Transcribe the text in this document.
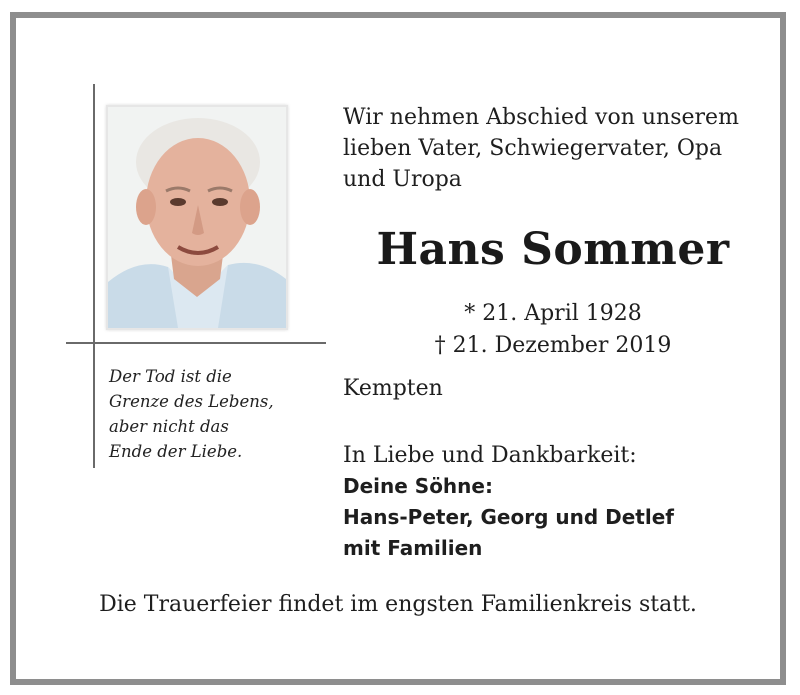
Der Tod ist die
Grenze des Lebens,
aber nicht das
Ende der Liebe.
Wir nehmen Abschied von unserem
lieben Vater, Schwiegervater, Opa
und Uropa
Hans Sommer
* 21. April 1928
† 21. Dezember 2019
Kempten
In Liebe und Dankbarkeit:
Deine Söhne:
Hans-Peter, Georg und Detlef
mit Familien
Die Trauerfeier findet im engsten Familienkreis statt.
